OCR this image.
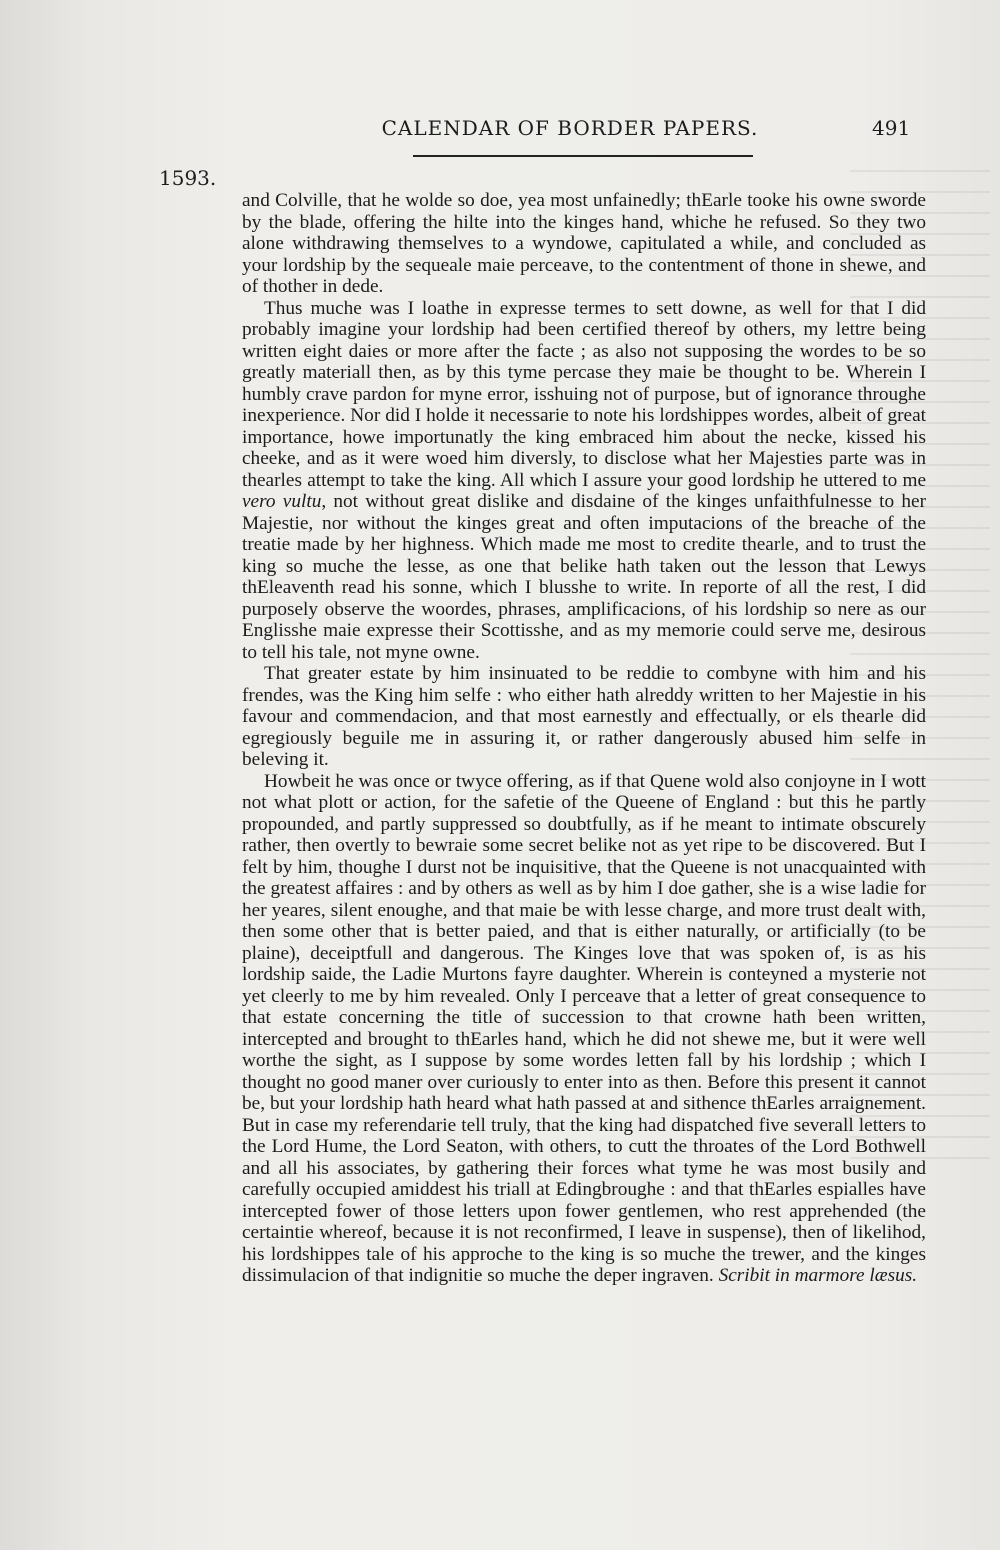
CALENDAR OF BORDER PAPERS.	491
1593.

and Colville, that he wolde so doe, yea most unfainedly; thEarle tooke his owne sworde by the blade, offering the hilte into the kinges hand, whiche he refused. So they two alone withdrawing themselves to a wyndowe, capitulated a while, and concluded as your lordship by the sequeale maie perceave, to the contentment of thone in shewe, and of thother in dede.

Thus muche was I loathe in expresse termes to sett downe, as well for that I did probably imagine your lordship had been certified thereof by others, my lettre being written eight daies or more after the facte ; as also not supposing the wordes to be so greatly materiall then, as by this tyme percase they maie be thought to be. Wherein I humbly crave pardon for myne error, isshuing not of purpose, but of ignorance throughe inexperience. Nor did I holde it necessarie to note his lordshippes wordes, albeit of great importance, howe importunatly the king embraced him about the necke, kissed his cheeke, and as it were woed him diversly, to disclose what her Majesties parte was in thearles attempt to take the king. All which I assure your good lordship he uttered to me vero vultu, not without great dislike and disdaine of the kinges unfaithfulnesse to her Majestie, nor without the kinges great and often imputacions of the breache of the treatie made by her highness. Which made me most to credite thearle, and to trust the king so muche the lesse, as one that belike hath taken out the lesson that Lewys thEleaventh read his sonne, which I blusshe to write. In reporte of all the rest, I did purposely observe the woordes, phrases, amplificacions, of his lordship so nere as our Englisshe maie expresse their Scottisshe, and as my memorie could serve me, desirous to tell his tale, not myne owne.

That greater estate by him insinuated to be reddie to combyne with him and his frendes, was the King him selfe : who either hath alreddy written to her Majestie in his favour and commendacion, and that most earnestly and effectually, or els thearle did egregiously beguile me in assuring it, or rather dangerously abused him selfe in beleving it.

Howbeit he was once or twyce offering, as if that Quene wold also conjoyne in I wott not what plott or action, for the safetie of the Queene of England : but this he partly propounded, and partly suppressed so doubtfully, as if he meant to intimate obscurely rather, then overtly to bewraie some secret belike not as yet ripe to be discovered. But I felt by him, thoughe I durst not be inquisitive, that the Queene is not unacquainted with the greatest affaires : and by others as well as by him I doe gather, she is a wise ladie for her yeares, silent enoughe, and that maie be with lesse charge, and more trust dealt with, then some other that is better paied, and that is either naturally, or artificially (to be plaine), deceiptfull and dangerous. The Kinges love that was spoken of, is as his lordship saide, the Ladie Murtons fayre daughter. Wherein is conteyned a mysterie not yet cleerly to me by him revealed. Only I perceave that a letter of great consequence to that estate concerning the title of succession to that crowne hath been written, intercepted and brought to thEarles hand, which he did not shewe me, but it were well worthe the sight, as I suppose by some wordes letten fall by his lordship ; which I thought no good maner over curiously to enter into as then. Before this present it cannot be, but your lordship hath heard what hath passed at and sithence thEarles arraignement. But in case my referendarie tell truly, that the king had dispatched five severall letters to the Lord Hume, the Lord Seaton, with others, to cutt the throates of the Lord Bothwell and all his associates, by gathering their forces what tyme he was most busily and carefully occupied amiddest his triall at Edingbroughe : and that thEarles espialles have intercepted fower of those letters upon fower gentlemen, who rest apprehended (the certaintie whereof, because it is not reconfirmed, I leave in suspense), then of likelihod, his lordshippes tale of his approche to the king is so muche the trewer, and the kinges dissimulacion of that indignitie so muche the deper ingraven. Scribit in marmore læsus.
